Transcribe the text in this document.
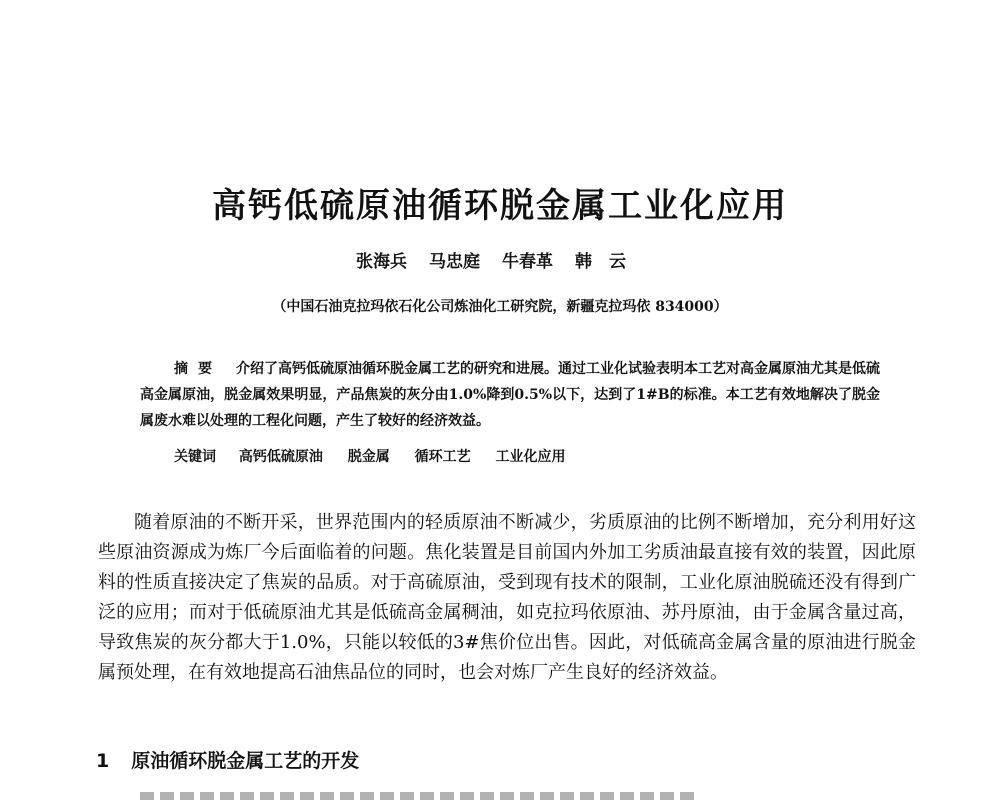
高钙低硫原油循环脱金属工业化应用
张海兵 马忠庭 牛春革 韩　云

（中国石油克拉玛依石化公司炼油化工研究院，新疆克拉玛依 834000）

摘要 介绍了高钙低硫原油循环脱金属工艺的研究和进展。通过工业化试验表明本工艺对高金属原油尤其是低硫高金属原油，脱金属效果明显，产品焦炭的灰分由1.0%降到0.5%以下，达到了1#B的标准。本工艺有效地解决了脱金属废水难以处理的工程化问题，产生了较好的经济效益。

关键词 高钙低硫原油 脱金属 循环工艺 工业化应用

随着原油的不断开采，世界范围内的轻质原油不断减少，劣质原油的比例不断增加，充分利用好这些原油资源成为炼厂今后面临着的问题。焦化装置是目前国内外加工劣质油最直接有效的装置，因此原料的性质直接决定了焦炭的品质。对于高硫原油，受到现有技术的限制，工业化原油脱硫还没有得到广泛的应用；而对于低硫原油尤其是低硫高金属稠油，如克拉玛依原油、苏丹原油，由于金属含量过高，导致焦炭的灰分都大于1.0%，只能以较低的3#焦价位出售。因此，对低硫高金属含量的原油进行脱金属预处理，在有效地提高石油焦品位的同时，也会对炼厂产生良好的经济效益。

1 原油循环脱金属工艺的开发
